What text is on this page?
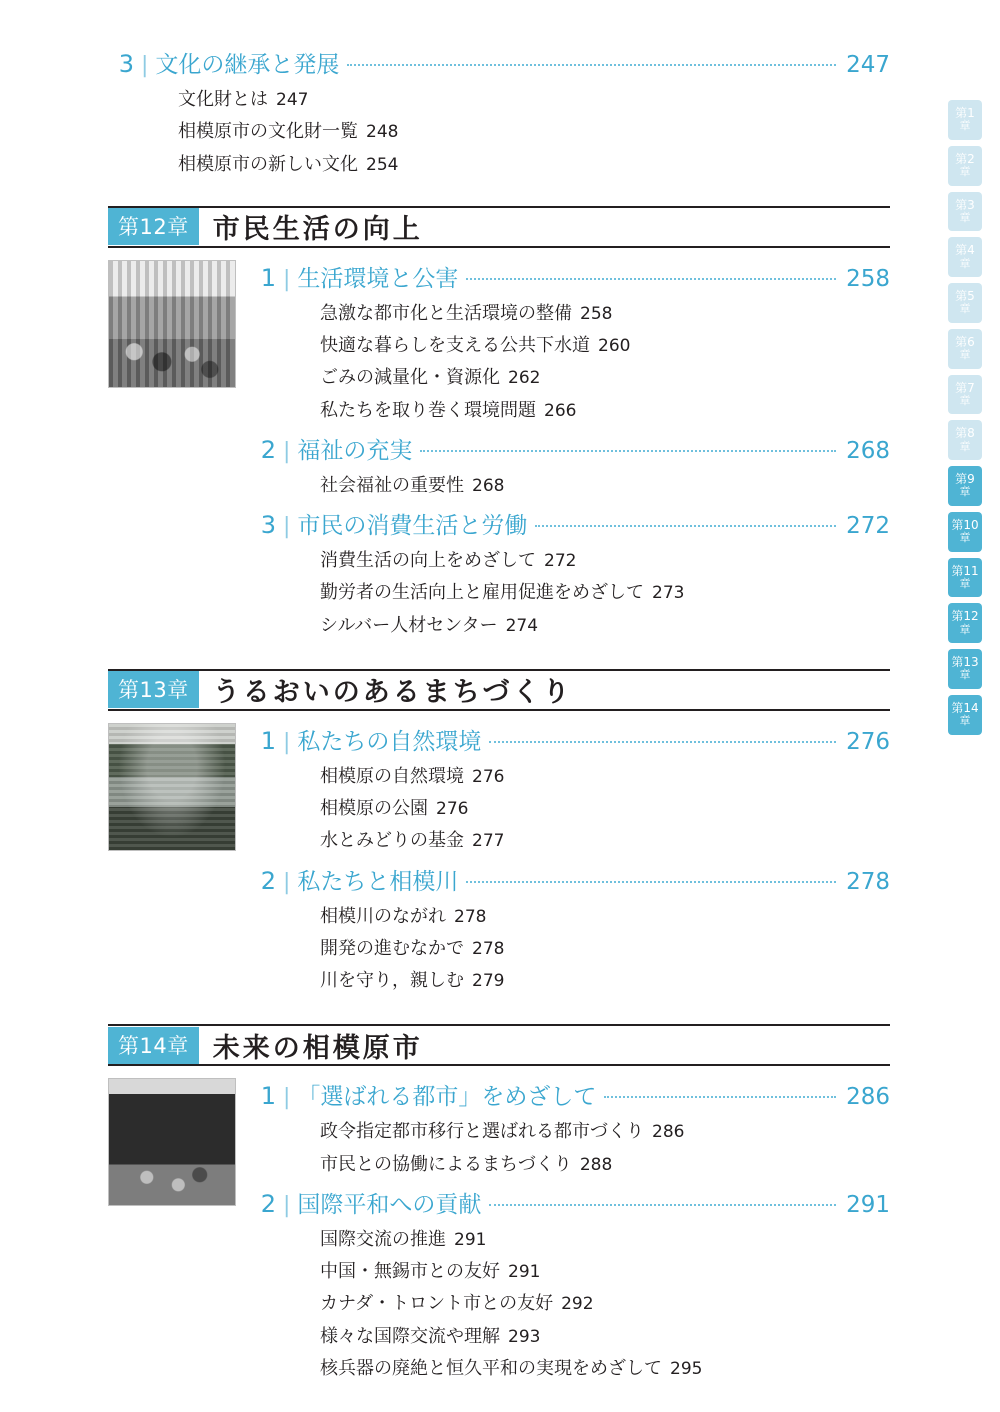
3 | 文化の継承と発展	247
文化財とは 247
相模原市の文化財一覧 248
相模原市の新しい文化 254
第12章 市民生活の向上
1 | 生活環境と公害	258
急激な都市化と生活環境の整備 258
快適な暮らしを支える公共下水道 260
ごみの減量化・資源化 262
私たちを取り巻く環境問題 266
2 | 福祉の充実	268
社会福祉の重要性 268
3 | 市民の消費生活と労働	272
消費生活の向上をめざして 272
勤労者の生活向上と雇用促進をめざして 273
シルバー人材センター 274
第13章 うるおいのあるまちづくり
1 | 私たちの自然環境	276
相模原の自然環境 276
相模原の公園 276
水とみどりの基金 277
2 | 私たちと相模川	278
相模川のながれ 278
開発の進むなかで 278
川を守り，親しむ 279
第14章 未来の相模原市
1 | 「選ばれる都市」をめざして	286
政令指定都市移行と選ばれる都市づくり 286
市民との協働によるまちづくり 288
2 | 国際平和への貢献	291
国際交流の推進 291
中国・無錫市との友好 291
カナダ・トロント市との友好 292
様々な国際交流や理解 293
核兵器の廃絶と恒久平和の実現をめざして 295
第1
章
第2
章
第3
章
第4
章
第5
章
第6
章
第7
章
第8
章
第9
章
第10
章
第11
章
第12
章
第13
章
第14
章
